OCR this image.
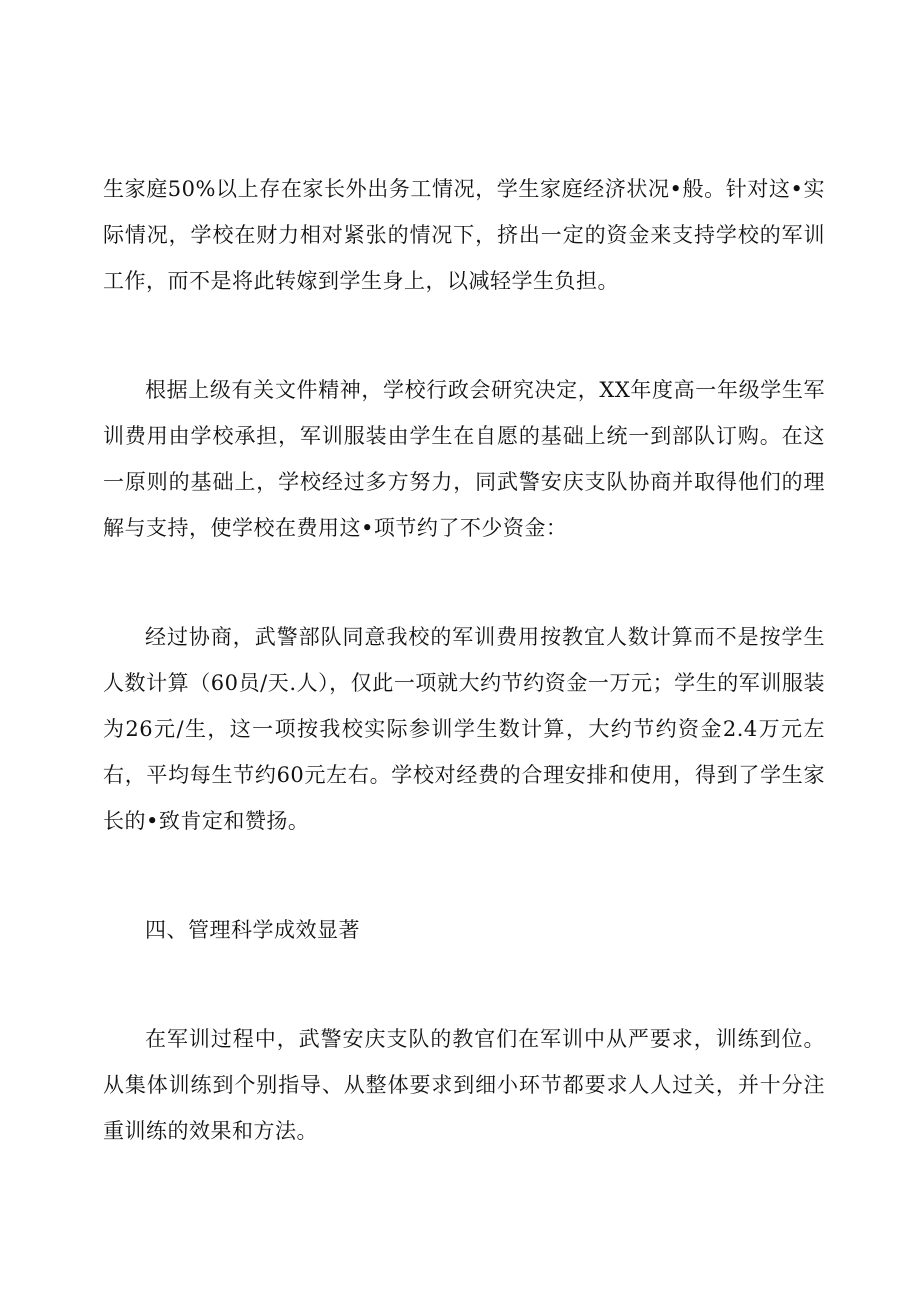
生家庭50%以上存在家长外出务工情况，学生家庭经济状况•般。针对这•实际情况，学校在财力相对紧张的情况下，挤出一定的资金来支持学校的军训工作，而不是将此转嫁到学生身上，以减轻学生负担。

根据上级有关文件精神，学校行政会研究决定，XX年度高一年级学生军训费用由学校承担，军训服装由学生在自愿的基础上统一到部队订购。在这一原则的基础上，学校经过多方努力，同武警安庆支队协商并取得他们的理解与支持，使学校在费用这•项节约了不少资金：

经过协商，武警部队同意我校的军训费用按教宜人数计算而不是按学生人数计算（60员/天.人），仅此一项就大约节约资金一万元；学生的军训服装为26元/生，这一项按我校实际参训学生数计算，大约节约资金2.4万元左右，平均每生节约60元左右。学校对经费的合理安排和使用，得到了学生家长的•致肯定和赞扬。

四、管理科学成效显著

在军训过程中，武警安庆支队的教官们在军训中从严要求，训练到位。从集体训练到个别指导、从整体要求到细小环节都要求人人过关，并十分注重训练的效果和方法。
